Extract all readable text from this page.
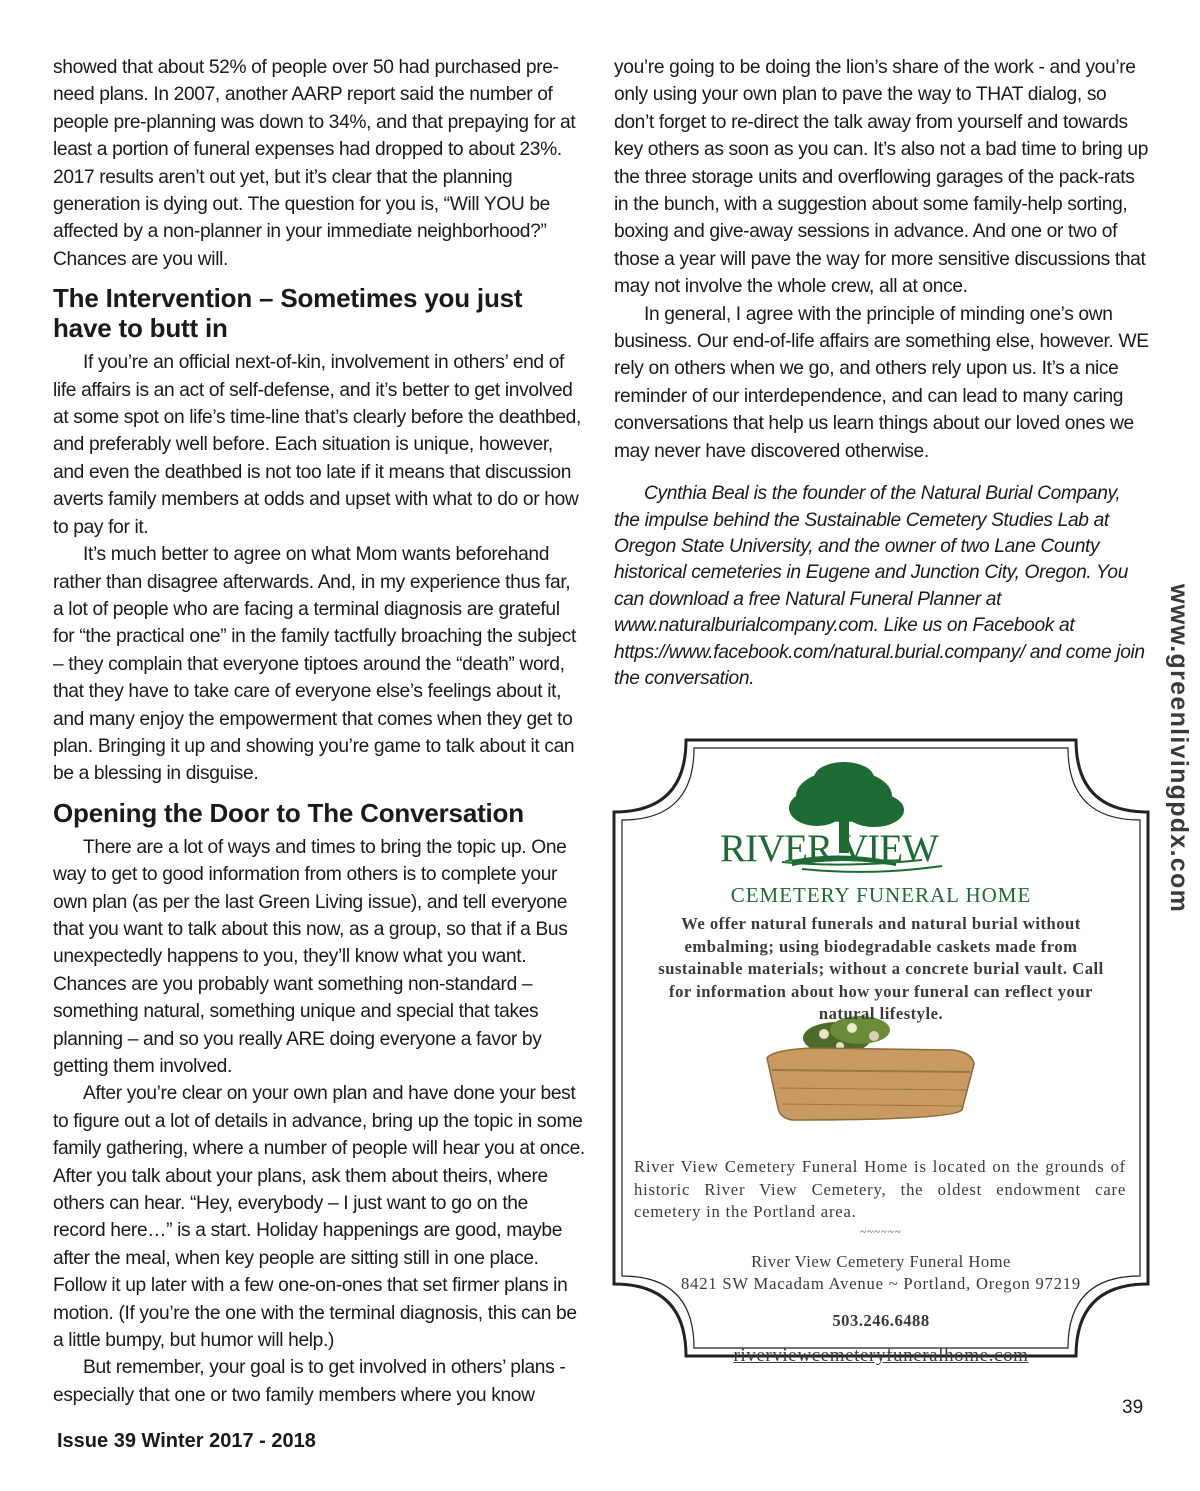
showed that about 52% of people over 50 had purchased pre-need plans. In 2007, another AARP report said the number of people pre-planning was down to 34%, and that prepaying for at least a portion of funeral expenses had dropped to about 23%. 2017 results aren’t out yet, but it’s clear that the planning generation is dying out. The question for you is, “Will YOU be affected by a non-planner in your immediate neighborhood?” Chances are you will.

The Intervention – Sometimes you just have to butt in

If you’re an official next-of-kin, involvement in others’ end of life affairs is an act of self-defense, and it’s better to get involved at some spot on life’s time-line that’s clearly before the deathbed, and preferably well before. Each situation is unique, however, and even the deathbed is not too late if it means that discussion averts family members at odds and upset with what to do or how to pay for it.

It’s much better to agree on what Mom wants beforehand rather than disagree afterwards. And, in my experience thus far, a lot of people who are facing a terminal diagnosis are grateful for “the practical one” in the family tactfully broaching the subject – they complain that everyone tiptoes around the “death” word, that they have to take care of everyone else’s feelings about it, and many enjoy the empowerment that comes when they get to plan. Bringing it up and showing you’re game to talk about it can be a blessing in disguise.

Opening the Door to The Conversation

There are a lot of ways and times to bring the topic up. One way to get to good information from others is to complete your own plan (as per the last Green Living issue), and tell everyone that you want to talk about this now, as a group, so that if a Bus unexpectedly happens to you, they’ll know what you want. Chances are you probably want something non-standard – something natural, something unique and special that takes planning – and so you really ARE doing everyone a favor by getting them involved.

After you’re clear on your own plan and have done your best to figure out a lot of details in advance, bring up the topic in some family gathering, where a number of people will hear you at once. After you talk about your plans, ask them about theirs, where others can hear. “Hey, everybody – I just want to go on the record here…” is a start. Holiday happenings are good, maybe after the meal, when key people are sitting still in one place. Follow it up later with a few one-on-ones that set firmer plans in motion. (If you’re the one with the terminal diagnosis, this can be a little bumpy, but humor will help.)

But remember, your goal is to get involved in others’ plans - especially that one or two family members where you know

you’re going to be doing the lion’s share of the work - and you’re only using your own plan to pave the way to THAT dialog, so don’t forget to re-direct the talk away from yourself and towards key others as soon as you can. It’s also not a bad time to bring up the three storage units and overflowing garages of the pack-rats in the bunch, with a suggestion about some family-help sorting, boxing and give-away sessions in advance. And one or two of those a year will pave the way for more sensitive discussions that may not involve the whole crew, all at once.

In general, I agree with the principle of minding one’s own business. Our end-of-life affairs are something else, however. WE rely on others when we go, and others rely upon us. It’s a nice reminder of our interdependence, and can lead to many caring conversations that help us learn things about our loved ones we may never have discovered otherwise.

Cynthia Beal is the founder of the Natural Burial Company, the impulse behind the Sustainable Cemetery Studies Lab at Oregon State University, and the owner of two Lane County historical cemeteries in Eugene and Junction City, Oregon. You can download a free Natural Funeral Planner at www.naturalburialcompany.com. Like us on Facebook at https://www.facebook.com/natural.burial.company/ and come join the conversation.	www.greenlivingpdx.com
RIVER VIEW
CEMETERY FUNERAL HOME
We offer natural funerals and natural burial without embalming; using biodegradable caskets made from sustainable materials; without a concrete burial vault. Call for information about how your funeral can reflect your natural lifestyle.
River View Cemetery Funeral Home is located on the grounds of historic River View Cemetery, the oldest endowment care cemetery in the Portland area.
~~~~~~
River View Cemetery Funeral Home
8421 SW Macadam Avenue ~ Portland, Oregon 97219
503.246.6488
riverviewcemeteryfuneralhome.com
Issue 39 Winter 2017 - 2018
39
